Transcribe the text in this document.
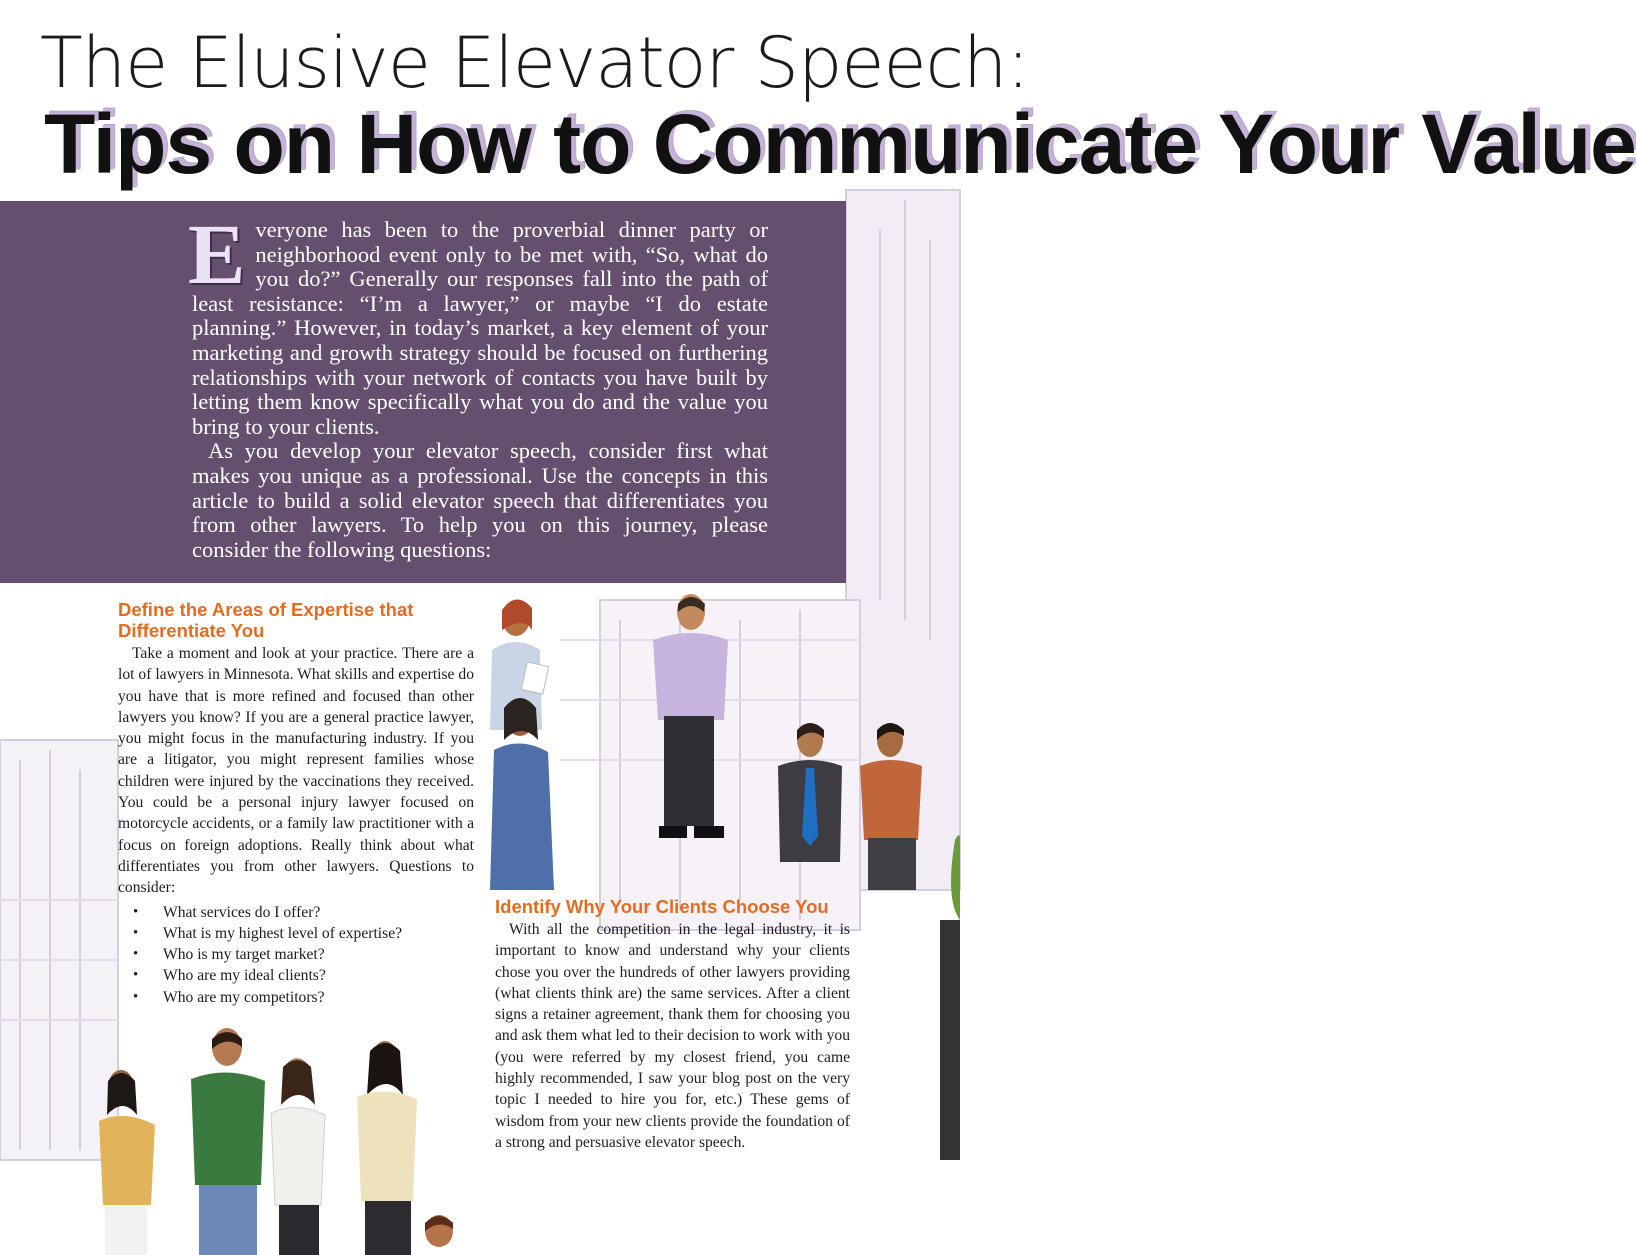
The Elusive Elevator Speech:
Tips on How to Communicate Your Value

Everyone has been to the proverbial dinner party or neighborhood event only to be met with, “So, what do you do?” Generally our responses fall into the path of least resistance: “I’m a lawyer,” or maybe “I do estate planning.” However, in today’s market, a key element of your marketing and growth strategy should be focused on furthering relationships with your network of contacts you have built by letting them know specifically what you do and the value you bring to your clients.

As you develop your elevator speech, consider first what makes you unique as a professional. Use the concepts in this article to build a solid elevator speech that differentiates you from other lawyers. To help you on this journey, please consider the following questions:

Define the Areas of Expertise that Differentiate You

Take a moment and look at your practice. There are a lot of lawyers in Minnesota. What skills and expertise do you have that is more refined and focused than other lawyers you know? If you are a general practice lawyer, you might focus in the manufacturing industry. If you are a litigator, you might represent families whose children were injured by the vaccinations they received. You could be a personal injury lawyer focused on motorcycle accidents, or a family law practitioner with a focus on foreign adoptions. Really think about what differentiates you from other lawyers. Questions to consider:

• What services do I offer?
• What is my highest level of expertise?
• Who is my target market?
• Who are my ideal clients?
• Who are my competitors?
Identify Why Your Clients Choose You

With all the competition in the legal industry, it is important to know and understand why your clients chose you over the hundreds of other lawyers providing (what clients think are) the same services. After a client signs a retainer agreement, thank them for choosing you and ask them what led to their decision to work with you (you were referred by my closest friend, you came highly recommended, I saw your blog post on the very topic I needed to hire you for, etc.) These gems of wisdom from your new clients provide the foundation of a strong and persuasive elevator speech.
